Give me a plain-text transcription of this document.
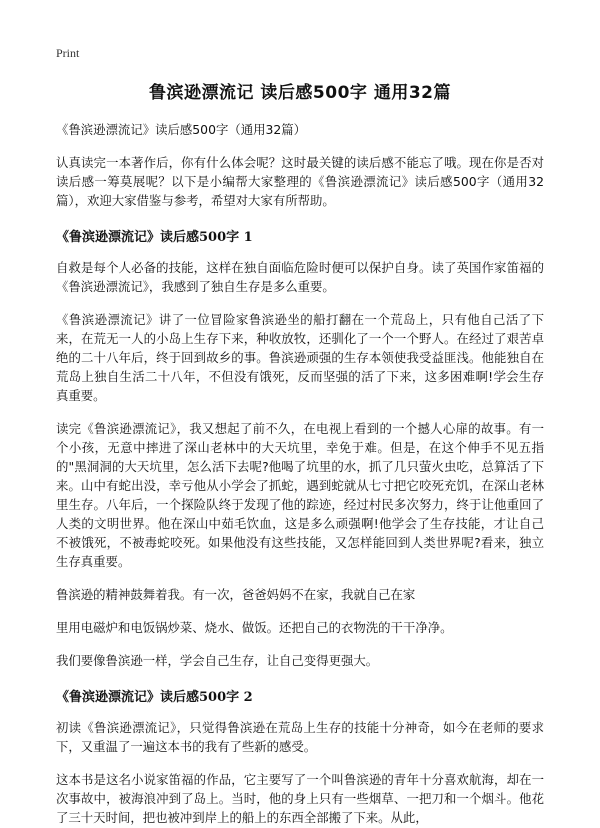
Print
鲁滨逊漂流记 读后感500字 通用32篇

《鲁滨逊漂流记》读后感500字（通用32篇）

认真读完一本著作后，你有什么体会呢？这时最关键的读后感不能忘了哦。现在你是否对读后感一筹莫展呢？以下是小编帮大家整理的《鲁滨逊漂流记》读后感500字（通用32篇），欢迎大家借鉴与参考，希望对大家有所帮助。

《鲁滨逊漂流记》读后感500字 1

自救是每个人必备的技能，这样在独自面临危险时便可以保护自身。读了英国作家笛福的《鲁滨逊漂流记》，我感到了独自生存是多么重要。

《鲁滨逊漂流记》讲了一位冒险家鲁滨逊坐的船打翻在一个荒岛上，只有他自己活了下来，在荒无一人的小岛上生存下来，种收放牧，还驯化了一个一个野人。在经过了艰苦卓绝的二十八年后，终于回到故乡的事。鲁滨逊顽强的生存本领使我受益匪浅。他能独自在荒岛上独自生活二十八年，不但没有饿死，反而坚强的活了下来，这多困难啊!学会生存真重要。

读完《鲁滨逊漂流记》，我又想起了前不久，在电视上看到的一个撼人心扉的故事。有一个小孩，无意中摔进了深山老林中的大天坑里，幸免于难。但是，在这个伸手不见五指的"黑洞洞的大天坑里，怎么活下去呢?他喝了坑里的水，抓了几只萤火虫吃，总算活了下来。山中有蛇出没，幸亏他从小学会了抓蛇，遇到蛇就从七寸把它咬死充饥，在深山老林里生存。八年后，一个探险队终于发现了他的踪迹，经过村民多次努力，终于让他重回了人类的文明世界。他在深山中茹毛饮血，这是多么顽强啊!他学会了生存技能，才让自己不被饿死，不被毒蛇咬死。如果他没有这些技能，又怎样能回到人类世界呢?看来，独立生存真重要。

鲁滨逊的精神鼓舞着我。有一次，爸爸妈妈不在家，我就自己在家

里用电磁炉和电饭锅炒菜、烧水、做饭。还把自己的衣物洗的干干净净。

我们要像鲁滨逊一样，学会自己生存，让自己变得更强大。

《鲁滨逊漂流记》读后感500字 2

初读《鲁滨逊漂流记》，只觉得鲁滨逊在荒岛上生存的技能十分神奇，如今在老师的要求下，又重温了一遍这本书的我有了些新的感受。

这本书是这名小说家笛福的作品，它主要写了一个叫鲁滨逊的青年十分喜欢航海，却在一次事故中，被海浪冲到了岛上。当时，他的身上只有一些烟草、一把刀和一个烟斗。他花了三十天时间，把也被冲到岸上的船上的东西全部搬了下来。从此，
